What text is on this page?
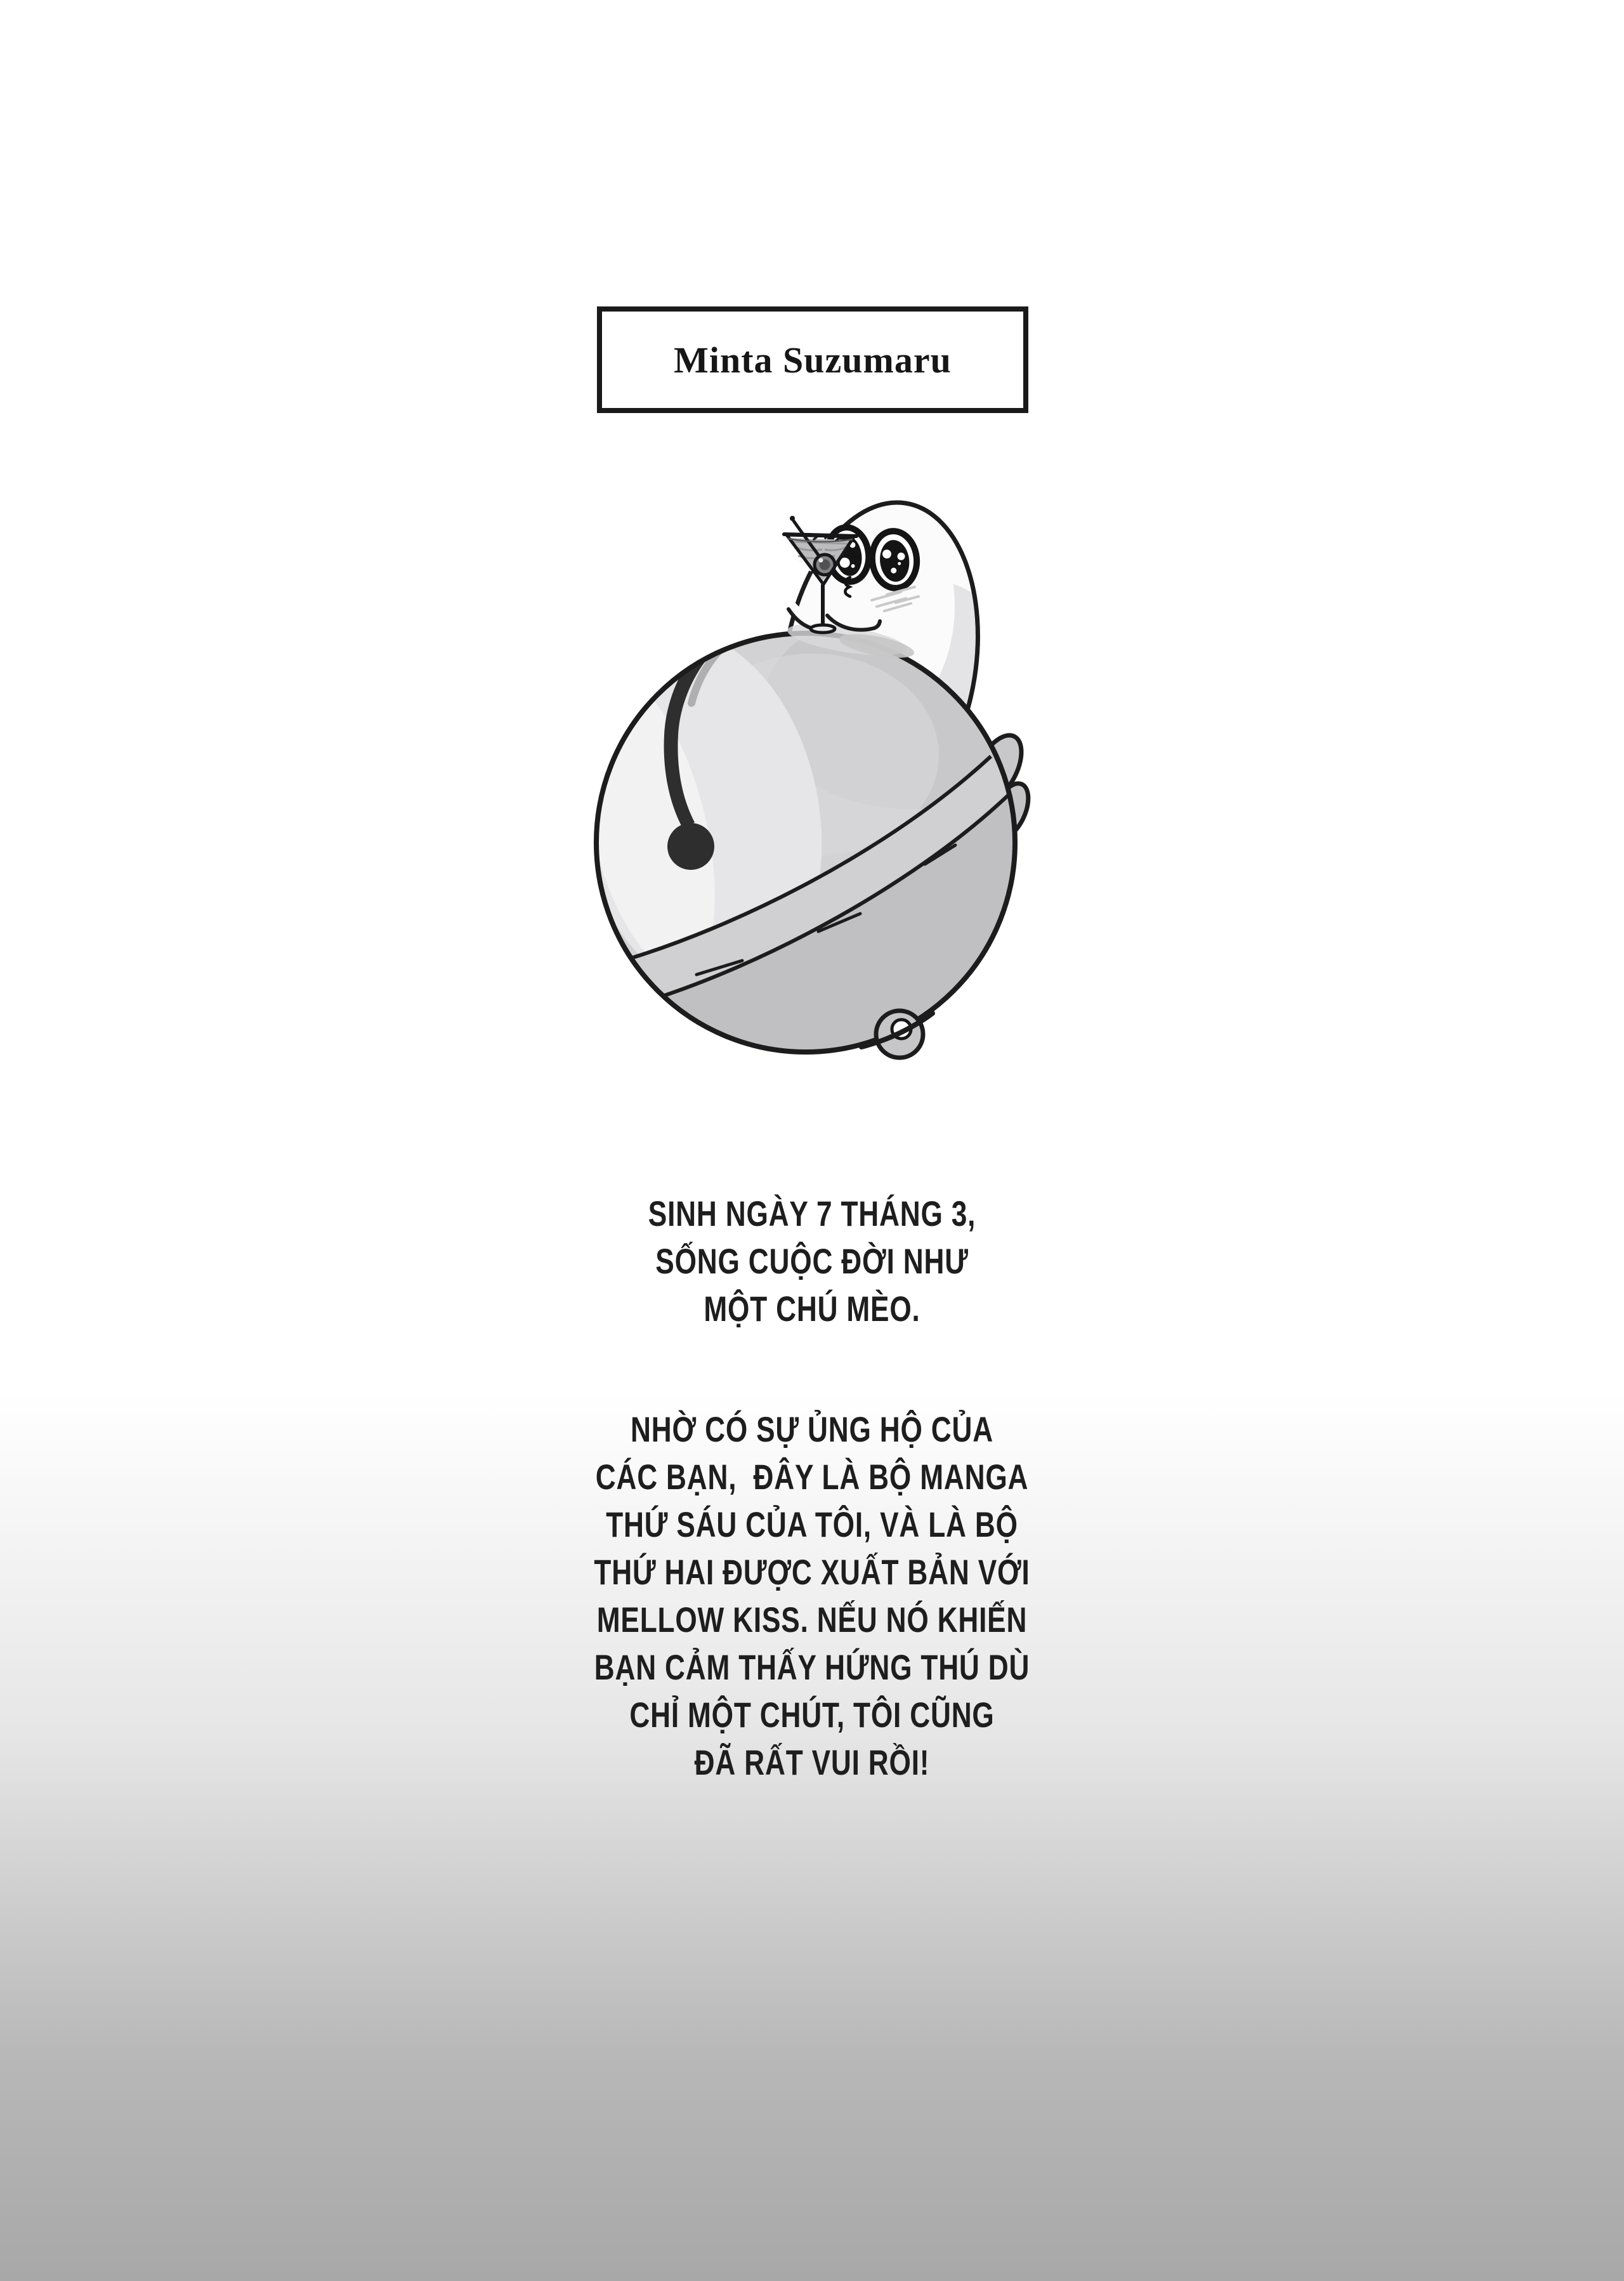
Minta Suzumaru
SINH NGÀY 7 THÁNG 3,
SỐNG CUỘC ĐỜI NHƯ
MỘT CHÚ MÈO.
NHỜ CÓ SỰ ỦNG HỘ CỦA
CÁC BẠN,  ĐÂY LÀ BỘ MANGA
THỨ SÁU CỦA TÔI, VÀ LÀ BỘ
THỨ HAI ĐƯỢC XUẤT BẢN VỚI
MELLOW KISS. NẾU NÓ KHIẾN
BẠN CẢM THẤY HỨNG THÚ DÙ
CHỈ MỘT CHÚT, TÔI CŨNG
ĐÃ RẤT VUI RỒI!
